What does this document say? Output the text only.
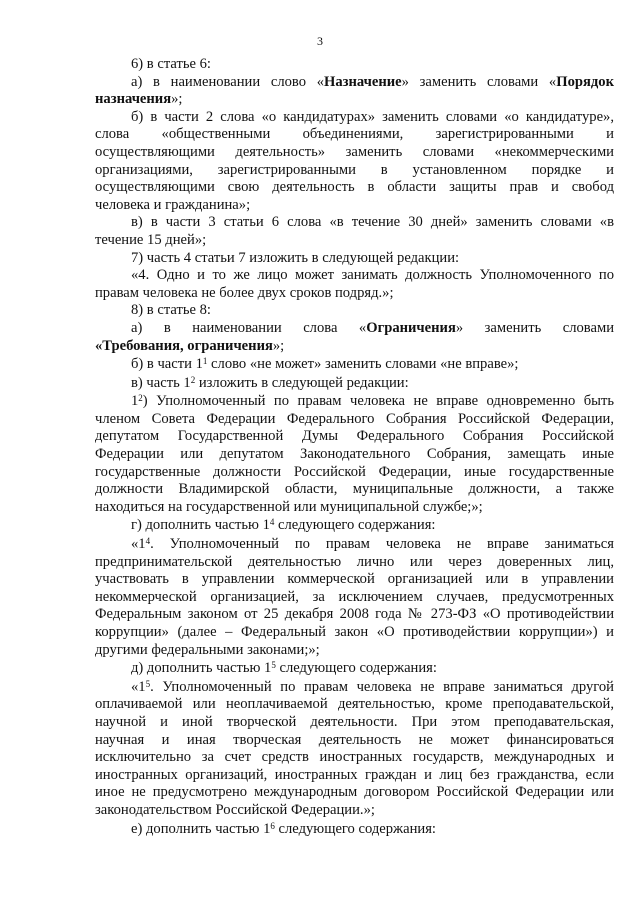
3

6) в статье 6:

а) в наименовании слово «Назначение» заменить словами «Порядок
назначения»;

б) в части 2 слова «о кандидатурах» заменить словами «о кандидатуре»,
слова «общественными объединениями, зарегистрированными и
осуществляющими деятельность» заменить словами «некоммерческими
организациями, зарегистрированными в установленном порядке и
осуществляющими свою деятельность в области защиты прав и свобод
человека и гражданина»;

в) в части 3 статьи 6 слова «в течение 30 дней» заменить словами «в
течение 15 дней»;

7) часть 4 статьи 7 изложить в следующей редакции:

«4. Одно и то же лицо может занимать должность Уполномоченного по
правам человека не более двух сроков подряд.»;

8) в статье 8:

а) в наименовании слова «Ограничения» заменить словами
«Требования, ограничения»;

б) в части $1^1$ слово «не может» заменить словами «не вправе»;

в) часть $1^2$ изложить в следующей редакции:

$1^2$) Уполномоченный по правам человека не вправе одновременно быть
членом Совета Федерации Федерального Собрания Российской Федерации,
депутатом Государственной Думы Федерального Собрания Российской
Федерации или депутатом Законодательного Собрания, замещать иные
государственные должности Российской Федерации, иные государственные
должности Владимирской области, муниципальные должности, а также
находиться на государственной или муниципальной службе;»;

г) дополнить частью $1^4$ следующего содержания:

«$1^4$. Уполномоченный по правам человека не вправе заниматься
предпринимательской деятельностью лично или через доверенных лиц,
участвовать в управлении коммерческой организацией или в управлении
некоммерческой организацией, за исключением случаев, предусмотренных
Федеральным законом от 25 декабря 2008 года № 273-ФЗ «О противодействии
коррупции» (далее – Федеральный закон «О противодействии коррупции») и
другими федеральными законами;»;

д) дополнить частью $1^5$ следующего содержания:

«$1^5$. Уполномоченный по правам человека не вправе заниматься другой
оплачиваемой или неоплачиваемой деятельностью, кроме преподавательской,
научной и иной творческой деятельности. При этом преподавательская,
научная и иная творческая деятельность не может финансироваться
исключительно за счет средств иностранных государств, международных и
иностранных организаций, иностранных граждан и лиц без гражданства, если
иное не предусмотрено международным договором Российской Федерации или
законодательством Российской Федерации.»;

е) дополнить частью $1^6$ следующего содержания:
